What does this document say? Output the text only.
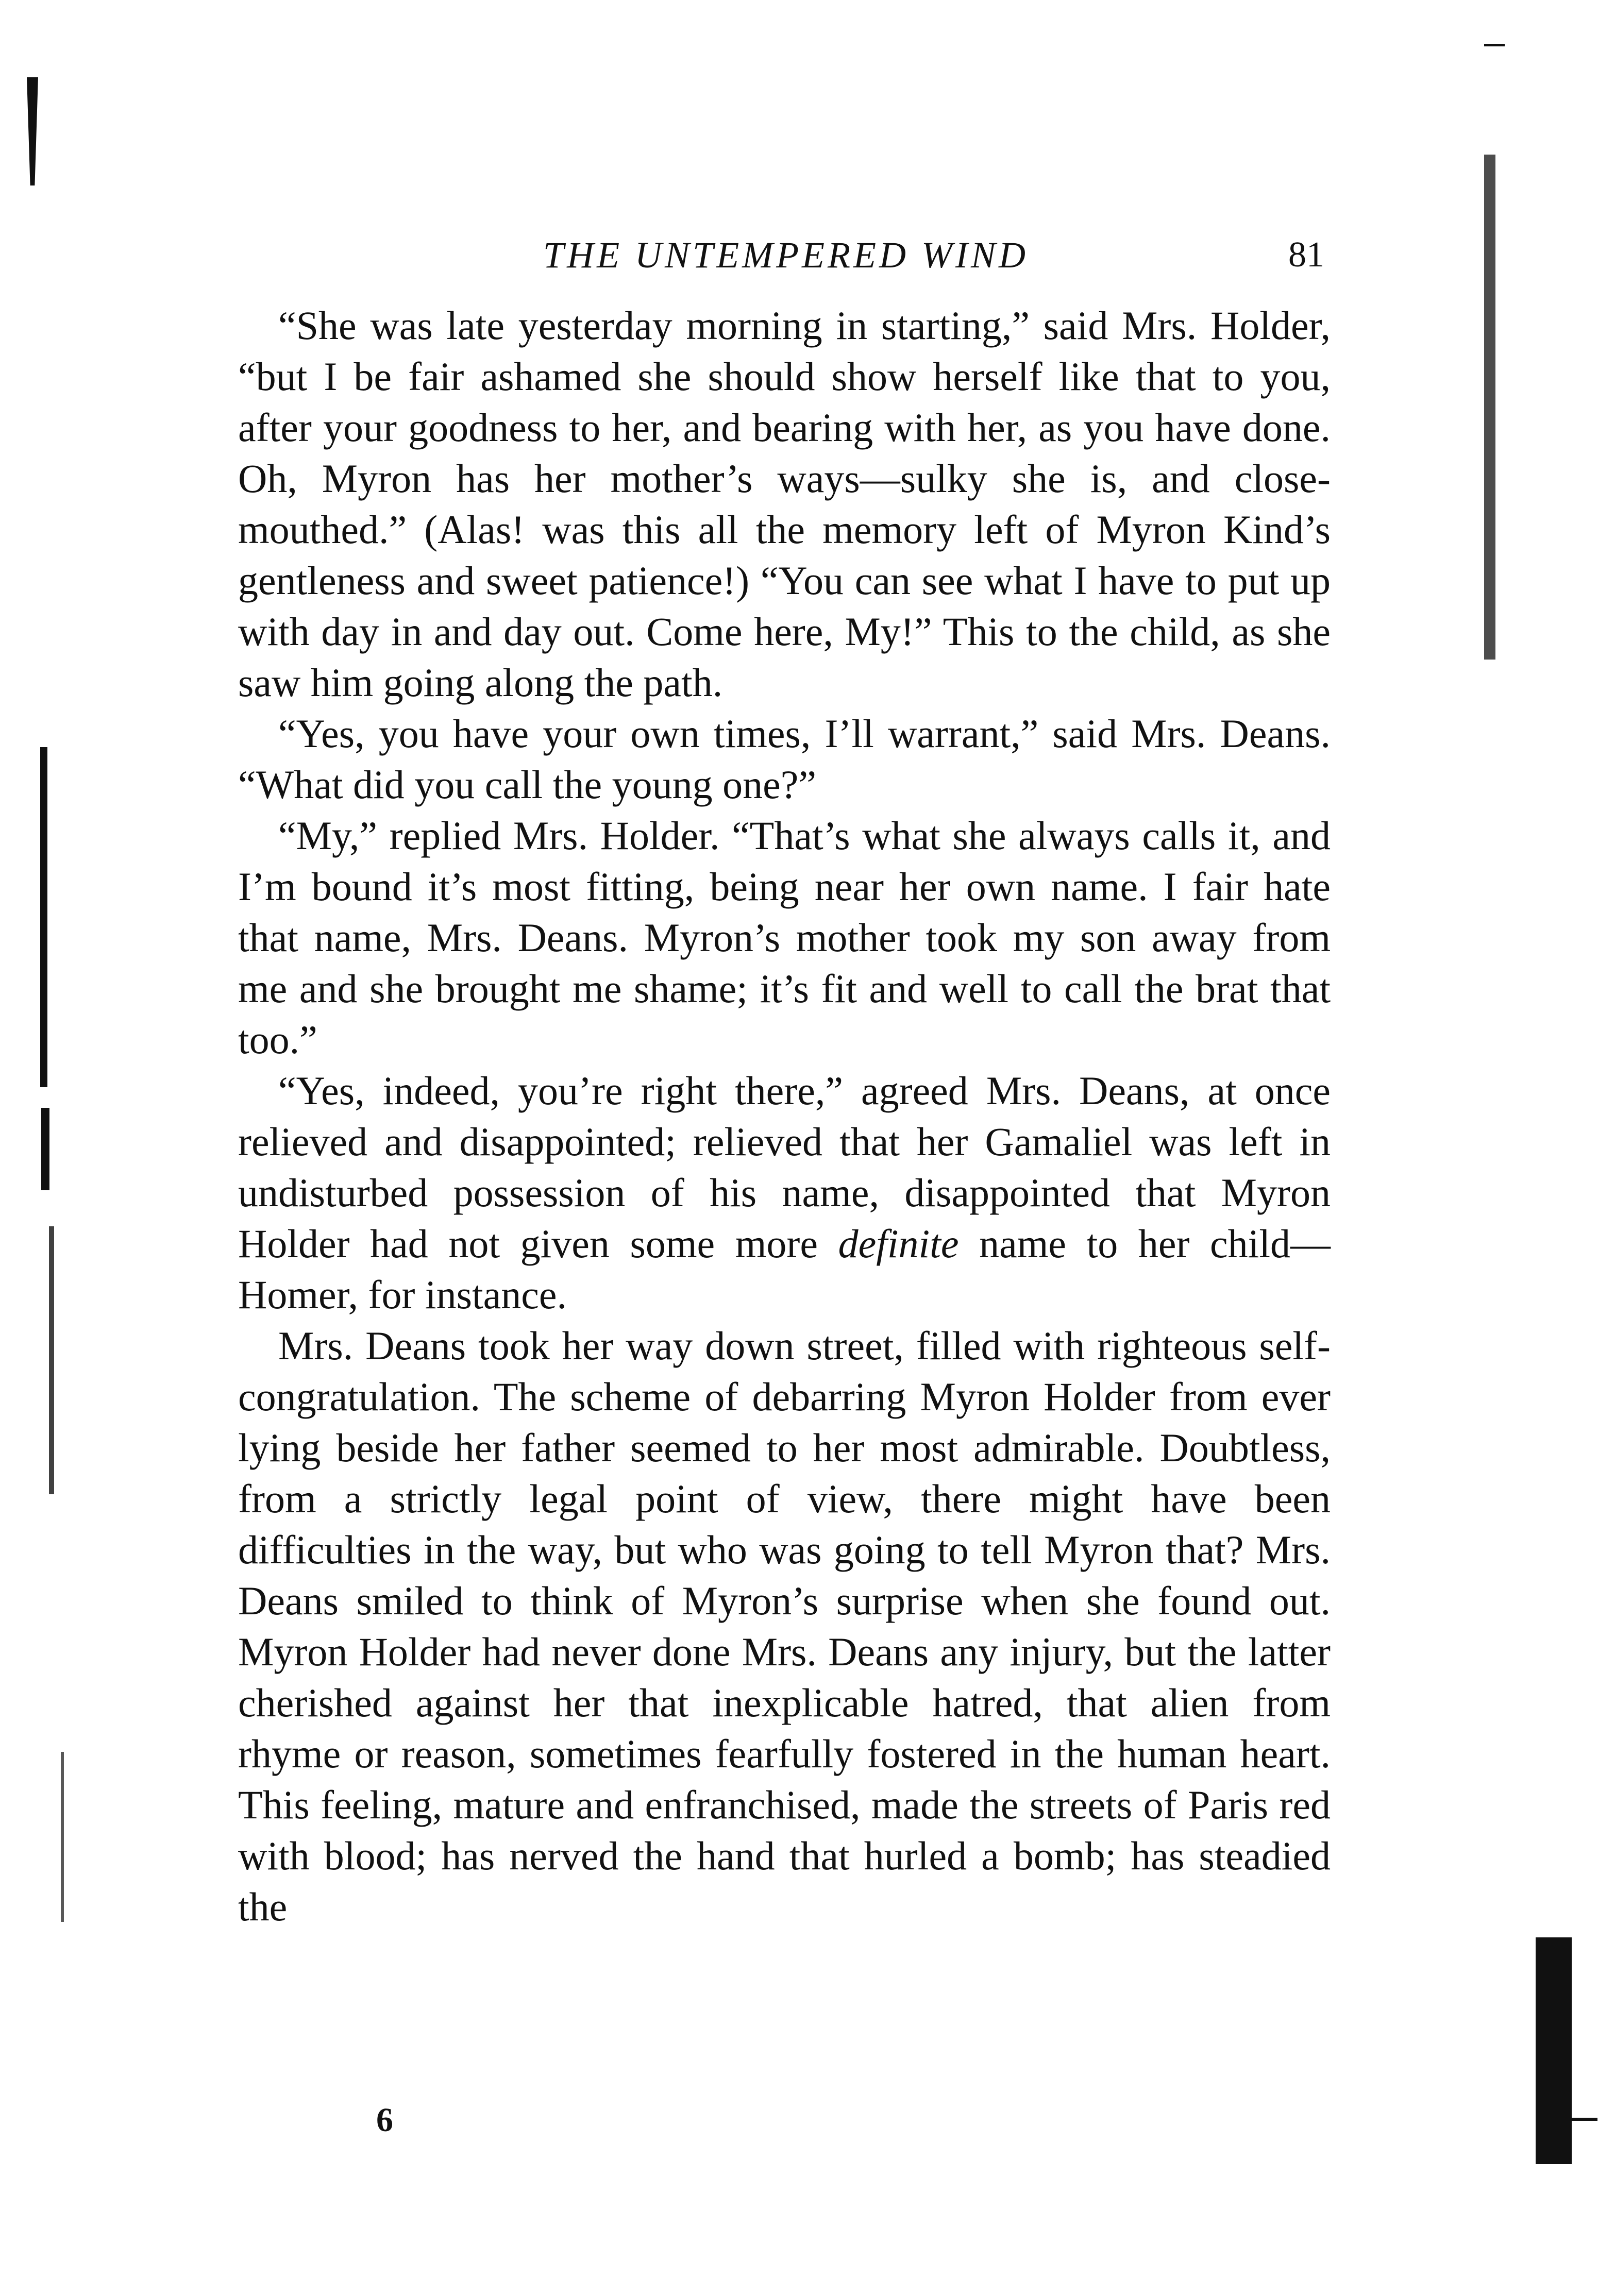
THE UNTEMPERED WIND	81

“She was late yesterday morning in starting,” said Mrs. Holder, “but I be fair ashamed she should show herself like that to you, after your goodness to her, and bearing with her, as you have done. Oh, Myron has her mother’s ways—sulky she is, and close-mouthed.” (Alas! was this all the memory left of Myron Kind’s gentleness and sweet patience!) “You can see what I have to put up with day in and day out. Come here, My!” This to the child, as she saw him going along the path.

“Yes, you have your own times, I’ll warrant,” said Mrs. Deans. “What did you call the young one?”

“My,” replied Mrs. Holder. “That’s what she always calls it, and I’m bound it’s most fitting, being near her own name. I fair hate that name, Mrs. Deans. Myron’s mother took my son away from me and she brought me shame; it’s fit and well to call the brat that too.”

“Yes, indeed, you’re right there,” agreed Mrs. Deans, at once relieved and disappointed; relieved that her Gamaliel was left in undisturbed possession of his name, disappointed that Myron Holder had not given some more definite name to her child—Homer, for instance.

Mrs. Deans took her way down street, filled with righteous self-congratulation. The scheme of debarring Myron Holder from ever lying beside her father seemed to her most admirable. Doubtless, from a strictly legal point of view, there might have been difficulties in the way, but who was going to tell Myron that? Mrs. Deans smiled to think of Myron’s surprise when she found out. Myron Holder had never done Mrs. Deans any injury, but the latter cherished against her that inexplicable hatred, that alien from rhyme or reason, sometimes fearfully fostered in the human heart. This feeling, mature and enfranchised, made the streets of Paris red with blood; has nerved the hand that hurled a bomb; has steadied the

6
